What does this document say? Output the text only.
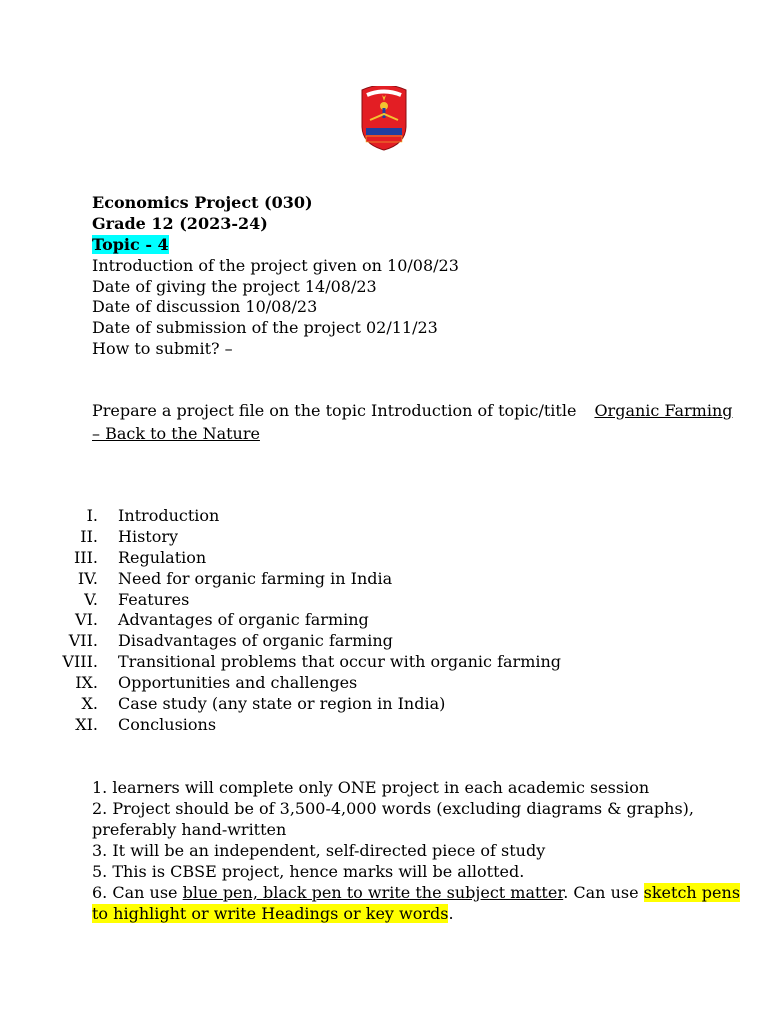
Economics Project (030)
Grade 12 (2023-24)
Topic - 4
Introduction of the project given on 10/08/23
Date of giving the project 14/08/23
Date of discussion 10/08/23
Date of submission of the project 02/11/23
How to submit? –
Prepare a project file on the topic Introduction of topic/title Organic Farming
– Back to the Nature
I. Introduction
II. History
III. Regulation
IV. Need for organic farming in India
V. Features
VI. Advantages of organic farming
VII. Disadvantages of organic farming
VIII. Transitional problems that occur with organic farming
IX. Opportunities and challenges
X. Case study (any state or region in India)
XI. Conclusions
1. learners will complete only ONE project in each academic session
2. Project should be of 3,500-4,000 words (excluding diagrams & graphs),
preferably hand-written
3. It will be an independent, self-directed piece of study
5. This is CBSE project, hence marks will be allotted.
6. Can use blue pen, black pen to write the subject matter. Can use sketch pens
to highlight or write Headings or key words.
